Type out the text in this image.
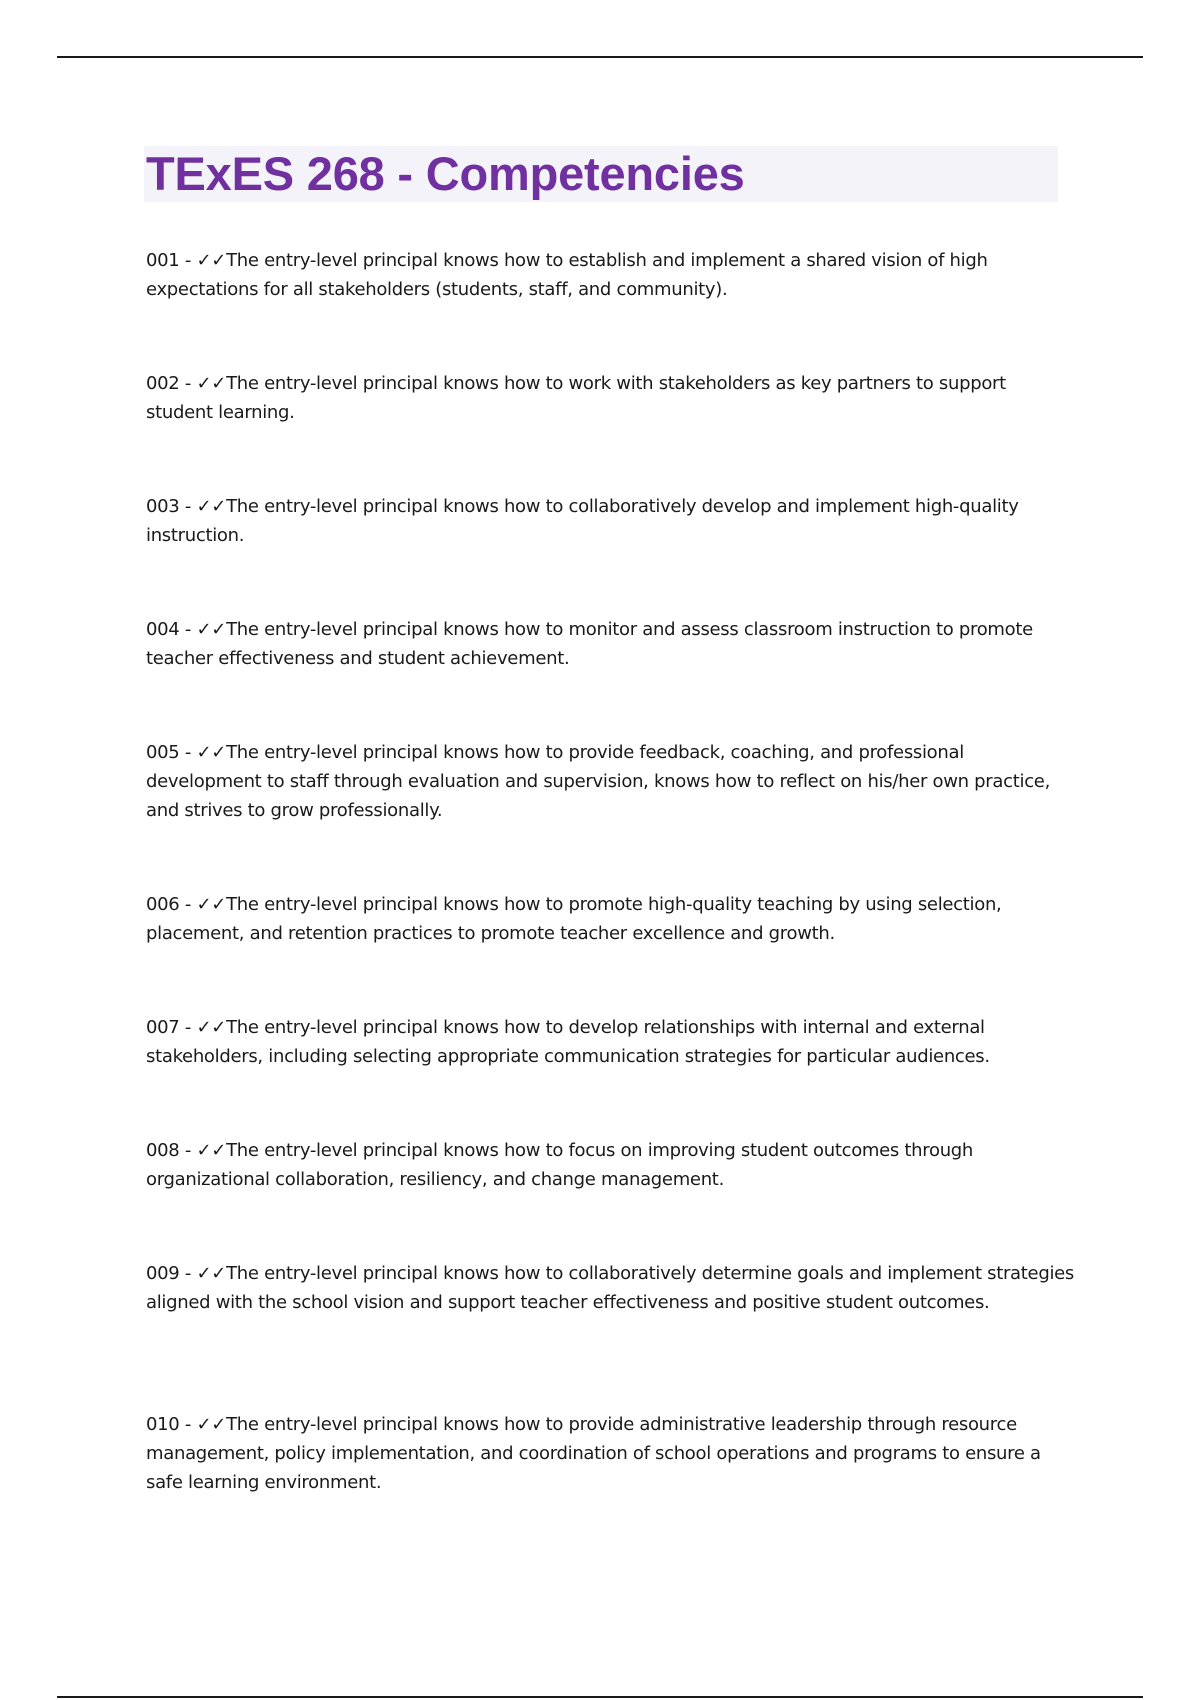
TExES 268 - Competencies
001 - ✓✓The entry-level principal knows how to establish and implement a shared vision of high expectations for all stakeholders (students, staff, and community).
002 - ✓✓The entry-level principal knows how to work with stakeholders as key partners to support student learning.
003 - ✓✓The entry-level principal knows how to collaboratively develop and implement high-quality instruction.
004 - ✓✓The entry-level principal knows how to monitor and assess classroom instruction to promote teacher effectiveness and student achievement.
005 - ✓✓The entry-level principal knows how to provide feedback, coaching, and professional development to staff through evaluation and supervision, knows how to reflect on his/her own practice, and strives to grow professionally.
006 - ✓✓The entry-level principal knows how to promote high-quality teaching by using selection, placement, and retention practices to promote teacher excellence and growth.
007 - ✓✓The entry-level principal knows how to develop relationships with internal and external stakeholders, including selecting appropriate communication strategies for particular audiences.
008 - ✓✓The entry-level principal knows how to focus on improving student outcomes through organizational collaboration, resiliency, and change management.
009 - ✓✓The entry-level principal knows how to collaboratively determine goals and implement strategies aligned with the school vision and support teacher effectiveness and positive student outcomes.
010 - ✓✓The entry-level principal knows how to provide administrative leadership through resource management, policy implementation, and coordination of school operations and programs to ensure a safe learning environment.
